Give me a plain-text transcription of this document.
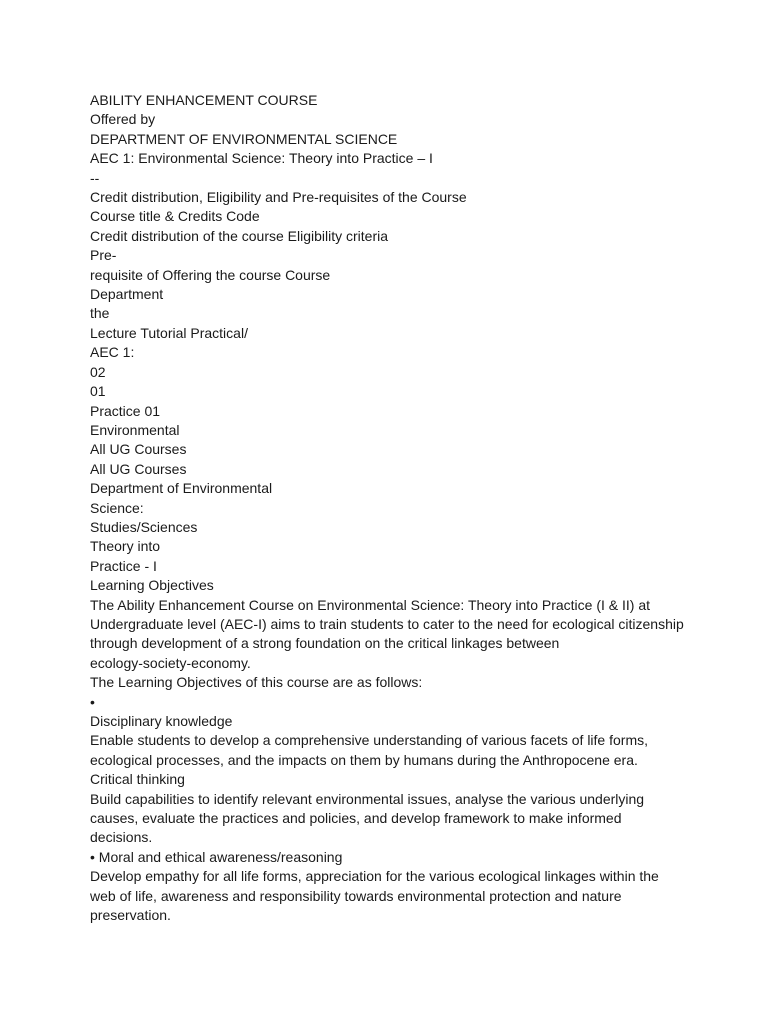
ABILITY ENHANCEMENT COURSE

Offered by

DEPARTMENT OF ENVIRONMENTAL SCIENCE

AEC 1: Environmental Science: Theory into Practice – I

--

Credit distribution, Eligibility and Pre-requisites of the Course

Course title & Credits Code

Credit distribution of the course Eligibility criteria

Pre-

requisite of Offering the course Course

Department

the

Lecture Tutorial Practical/

AEC 1:

02

01

Practice 01

Environmental

All UG Courses

All UG Courses

Department of Environmental

Science:

Studies/Sciences

Theory into

Practice - I

Learning Objectives

The Ability Enhancement Course on Environmental Science: Theory into Practice (I & II) at

Undergraduate level (AEC-I) aims to train students to cater to the need for ecological citizenship

through development of a strong foundation on the critical linkages between

ecology-society-economy.

The Learning Objectives of this course are as follows:

•

Disciplinary knowledge

Enable students to develop a comprehensive understanding of various facets of life forms,

ecological processes, and the impacts on them by humans during the Anthropocene era.

Critical thinking

Build capabilities to identify relevant environmental issues, analyse the various underlying

causes, evaluate the practices and policies, and develop framework to make informed

decisions.

• Moral and ethical awareness/reasoning

Develop empathy for all life forms, appreciation for the various ecological linkages within the

web of life, awareness and responsibility towards environmental protection and nature

preservation.
